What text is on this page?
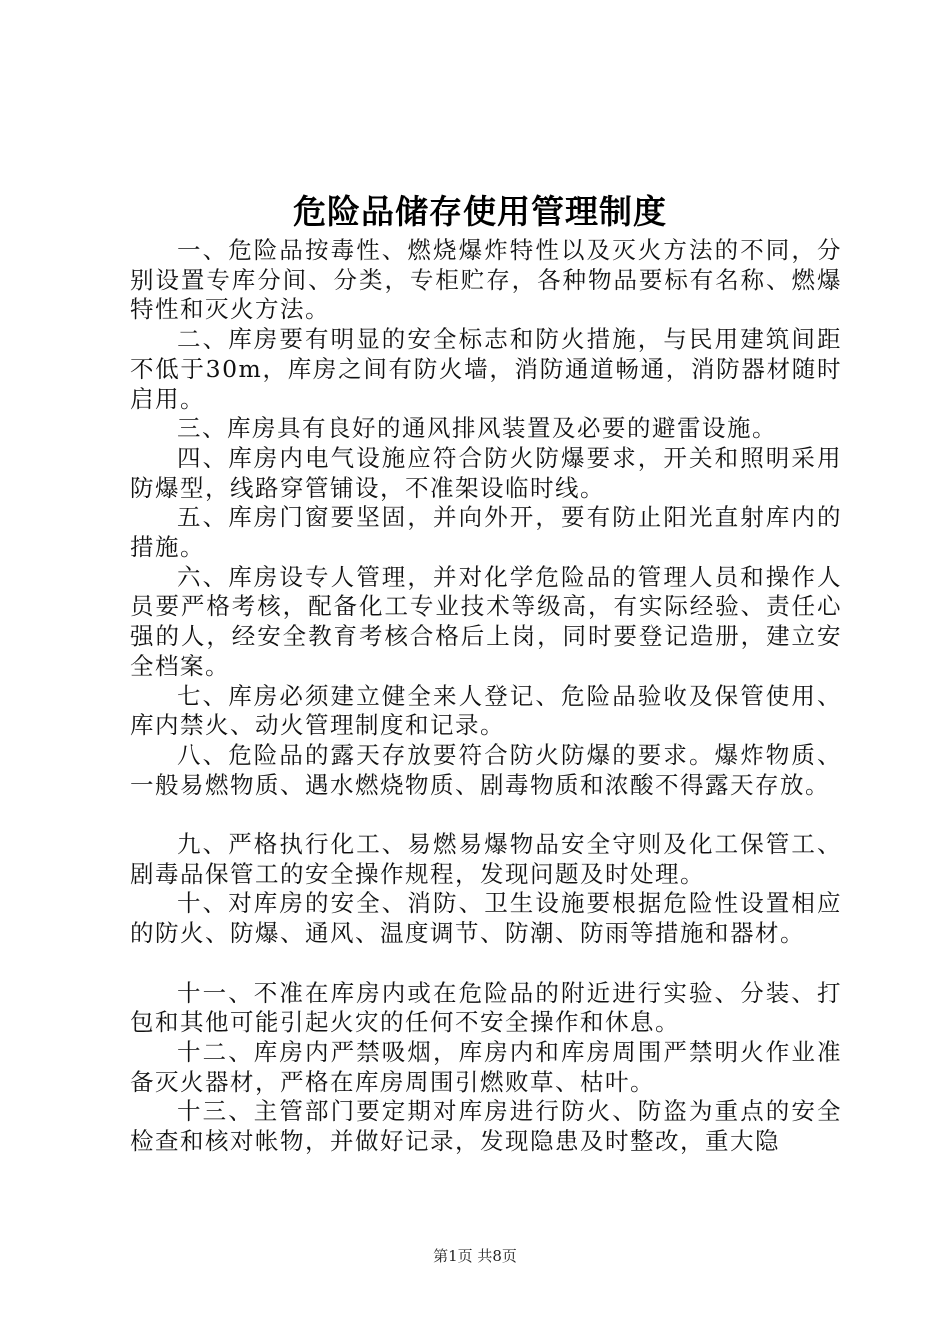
危险品储存使用管理制度

一、危险品按毒性、燃烧爆炸特性以及灭火方法的不同，分别设置专库分间、分类，专柜贮存，各种物品要标有名称、燃爆特性和灭火方法。

二、库房要有明显的安全标志和防火措施，与民用建筑间距不低于30m，库房之间有防火墙，消防通道畅通，消防器材随时启用。

三、库房具有良好的通风排风装置及必要的避雷设施。

四、库房内电气设施应符合防火防爆要求，开关和照明采用防爆型，线路穿管铺设，不准架设临时线。

五、库房门窗要坚固，并向外开，要有防止阳光直射库内的措施。

六、库房设专人管理，并对化学危险品的管理人员和操作人员要严格考核，配备化工专业技术等级高，有实际经验、责任心强的人，经安全教育考核合格后上岗，同时要登记造册，建立安全档案。

七、库房必须建立健全来人登记、危险品验收及保管使用、库内禁火、动火管理制度和记录。

八、危险品的露天存放要符合防火防爆的要求。爆炸物质、一般易燃物质、遇水燃烧物质、剧毒物质和浓酸不得露天存放。

九、严格执行化工、易燃易爆物品安全守则及化工保管工、剧毒品保管工的安全操作规程，发现问题及时处理。

十、对库房的安全、消防、卫生设施要根据危险性设置相应的防火、防爆、通风、温度调节、防潮、防雨等措施和器材。

十一、不准在库房内或在危险品的附近进行实验、分装、打包和其他可能引起火灾的任何不安全操作和休息。

十二、库房内严禁吸烟，库房内和库房周围严禁明火作业准备灭火器材，严格在库房周围引燃败草、枯叶。

十三、主管部门要定期对库房进行防火、防盗为重点的安全检查和核对帐物，并做好记录，发现隐患及时整改，重大隐

第1页 共8页
